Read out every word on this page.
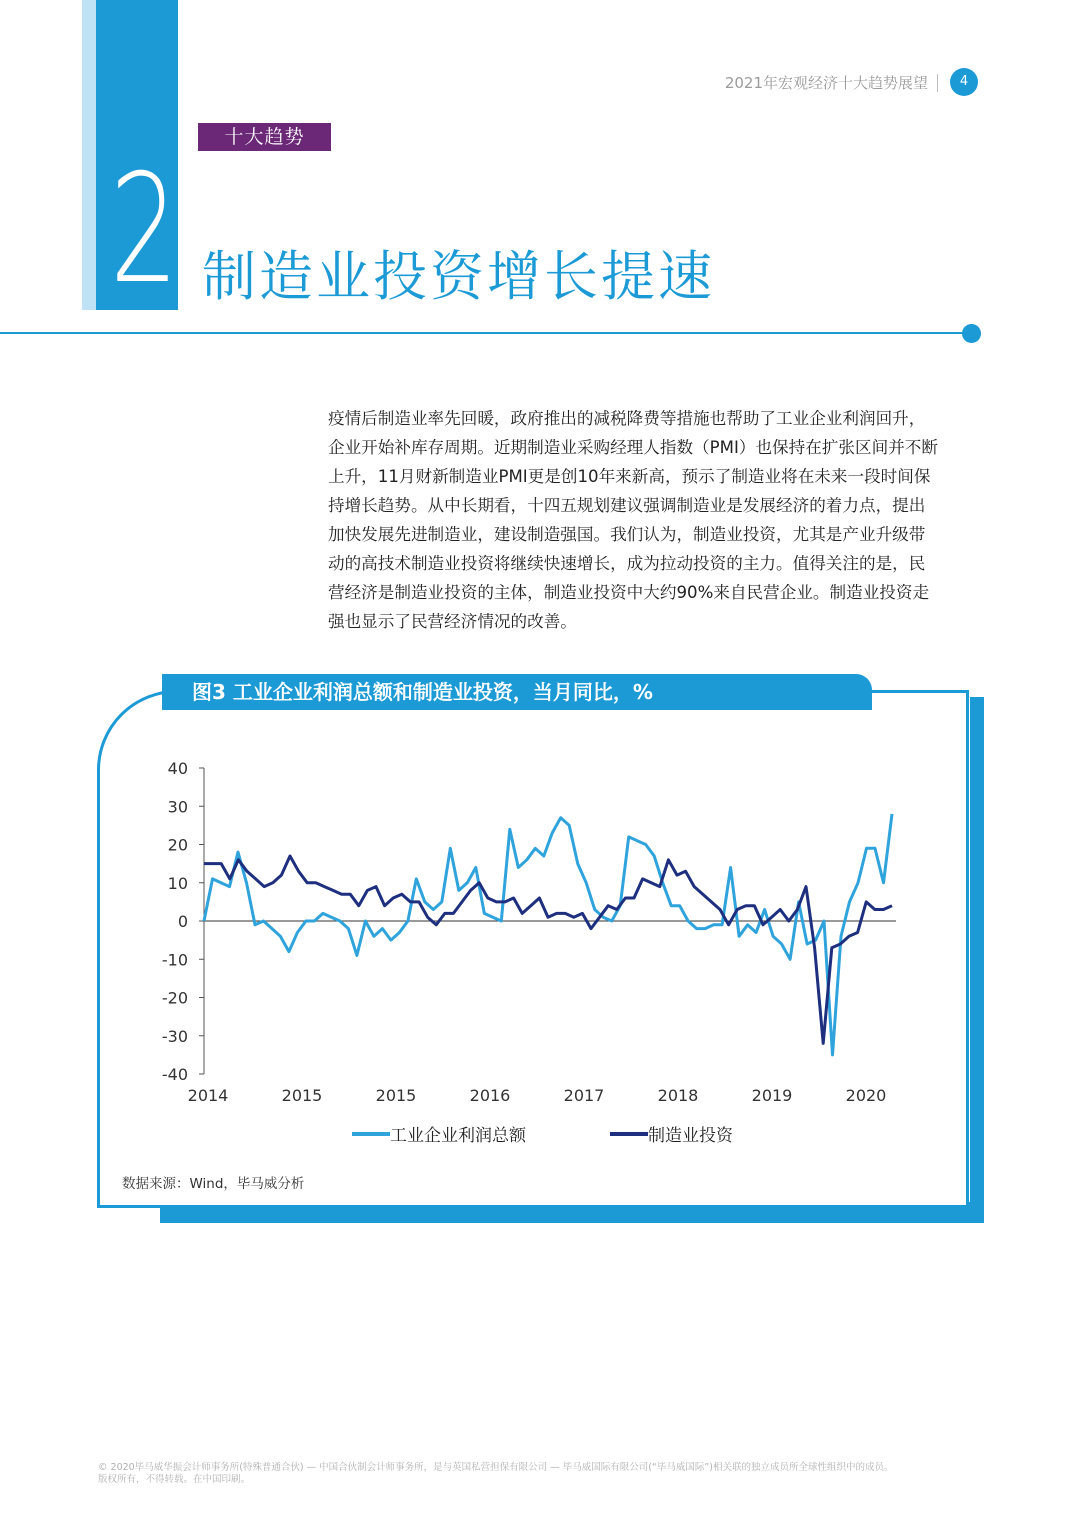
2
十大趋势
制造业投资增长提速
2021年宏观经济十大趋势展望	4
疫情后制造业率先回暖，政府推出的减税降费等措施也帮助了工业企业利润回升，
企业开始补库存周期。近期制造业采购经理人指数（PMI）也保持在扩张区间并不断
上升，11月财新制造业PMI更是创10年来新高，预示了制造业将在未来一段时间保
持增长趋势。从中长期看，十四五规划建议强调制造业是发展经济的着力点，提出
加快发展先进制造业，建设制造强国。我们认为，制造业投资，尤其是产业升级带
动的高技术制造业投资将继续快速增长，成为拉动投资的主力。值得关注的是，民
营经济是制造业投资的主体，制造业投资中大约90%来自民营企业。制造业投资走
强也显示了民营经济情况的改善。
图3 工业企业利润总额和制造业投资，当月同比，%
40
30
20
10
0
-10
-20
-30
-40
2014	2015	2015	2016	2017	2018	2019	2020
工业企业利润总额	制造业投资
数据来源：Wind，毕马威分析
© 2020毕马威华振会计师事务所(特殊普通合伙) — 中国合伙制会计师事务所，是与英国私营担保有限公司 — 毕马威国际有限公司(“毕马威国际”)相关联的独立成员所全球性组织中的成员。
版权所有，不得转载。在中国印刷。
